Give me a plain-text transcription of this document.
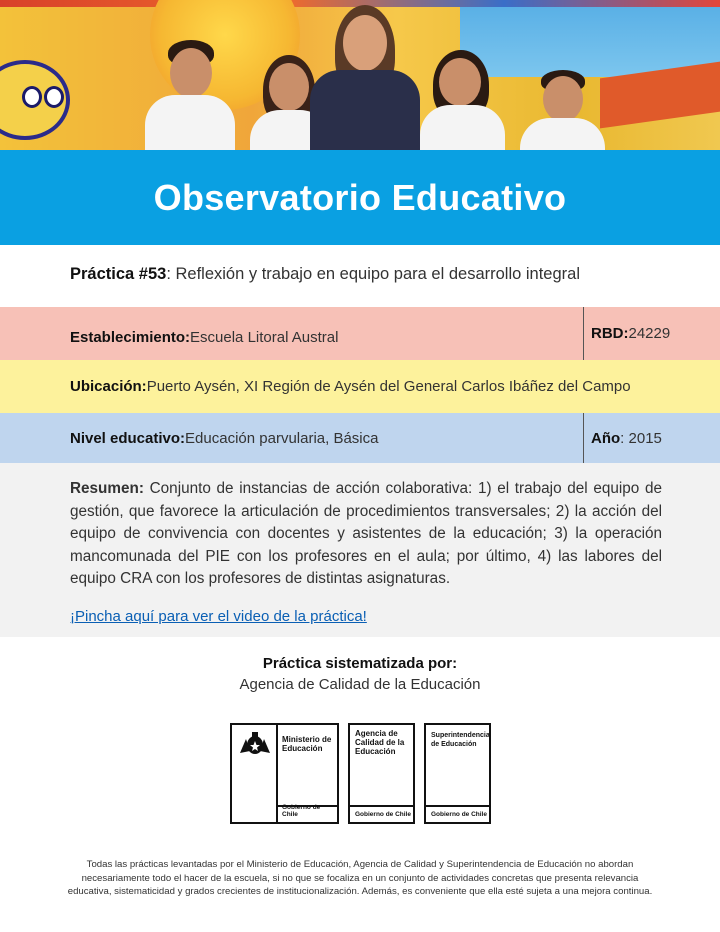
Observatorio Educativo
Práctica #53: Reflexión y trabajo en equipo para el desarrollo integral
Establecimiento: Escuela Litoral Austral	RBD: 24229
Ubicación: Puerto Aysén, XI Región de Aysén del General Carlos Ibáñez del Campo
Nivel educativo: Educación parvularia, Básica	Año : 2015

Resumen: Conjunto de instancias de acción colaborativa: 1) el trabajo del equipo de gestión, que favorece la articulación de procedimientos transversales; 2) la acción del equipo de convivencia con docentes y asistentes de la educación; 3) la operación mancomunada del PIE con los profesores en el aula; por último, 4) las labores del equipo CRA con los profesores de distintas asignaturas.

¡Pincha aquí para ver el video de la práctica!
Práctica sistematizada por:
Agencia de Calidad de la Educación
Ministerio de Educación
Gobierno de Chile
Agencia de Calidad de la Educación
Gobierno de Chile
Superintendencia de Educación
Gobierno de Chile
Todas las prácticas levantadas por el Ministerio de Educación, Agencia de Calidad y Superintendencia de Educación no abordan necesariamente todo el hacer de la escuela, si no que se focaliza en un conjunto de actividades concretas que presenta relevancia educativa, sistematicidad y grados crecientes de institucionalización. Además, es conveniente que ella esté sujeta a una mejora continua.
